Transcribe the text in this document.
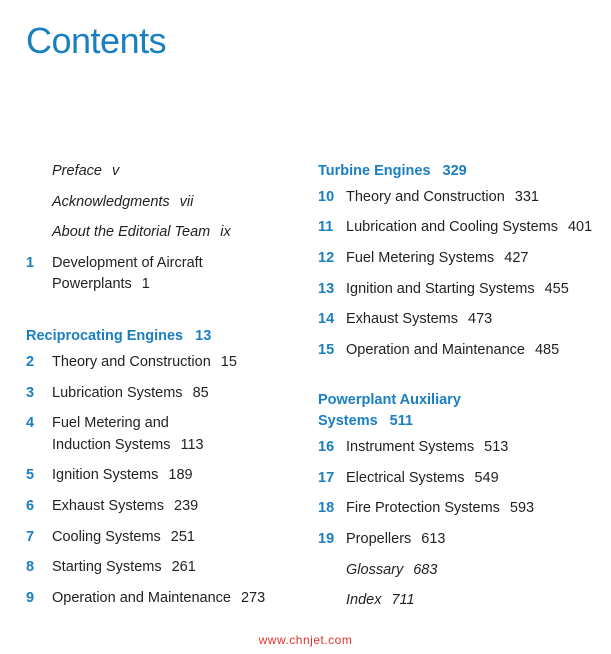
Contents
Preface v
Acknowledgments vii
About the Editorial Team ix
1	Development of Aircraft
Powerplants 1
Reciprocating Engines 13
2	Theory and Construction 15
3	Lubrication Systems 85
4	Fuel Metering and
Induction Systems 113
5	Ignition Systems 189
6	Exhaust Systems 239
7	Cooling Systems 251
8	Starting Systems 261
9	Operation and Maintenance 273
Turbine Engines 329
10 Theory and Construction 331
11 Lubrication and Cooling Systems 401
12 Fuel Metering Systems 427
13 Ignition and Starting Systems 455
14 Exhaust Systems 473
15 Operation and Maintenance 485
Powerplant Auxiliary
Systems 511
16 Instrument Systems 513
17 Electrical Systems 549
18 Fire Protection Systems 593
19 Propellers 613
Glossary 683
Index 711
www.chnjet.com
